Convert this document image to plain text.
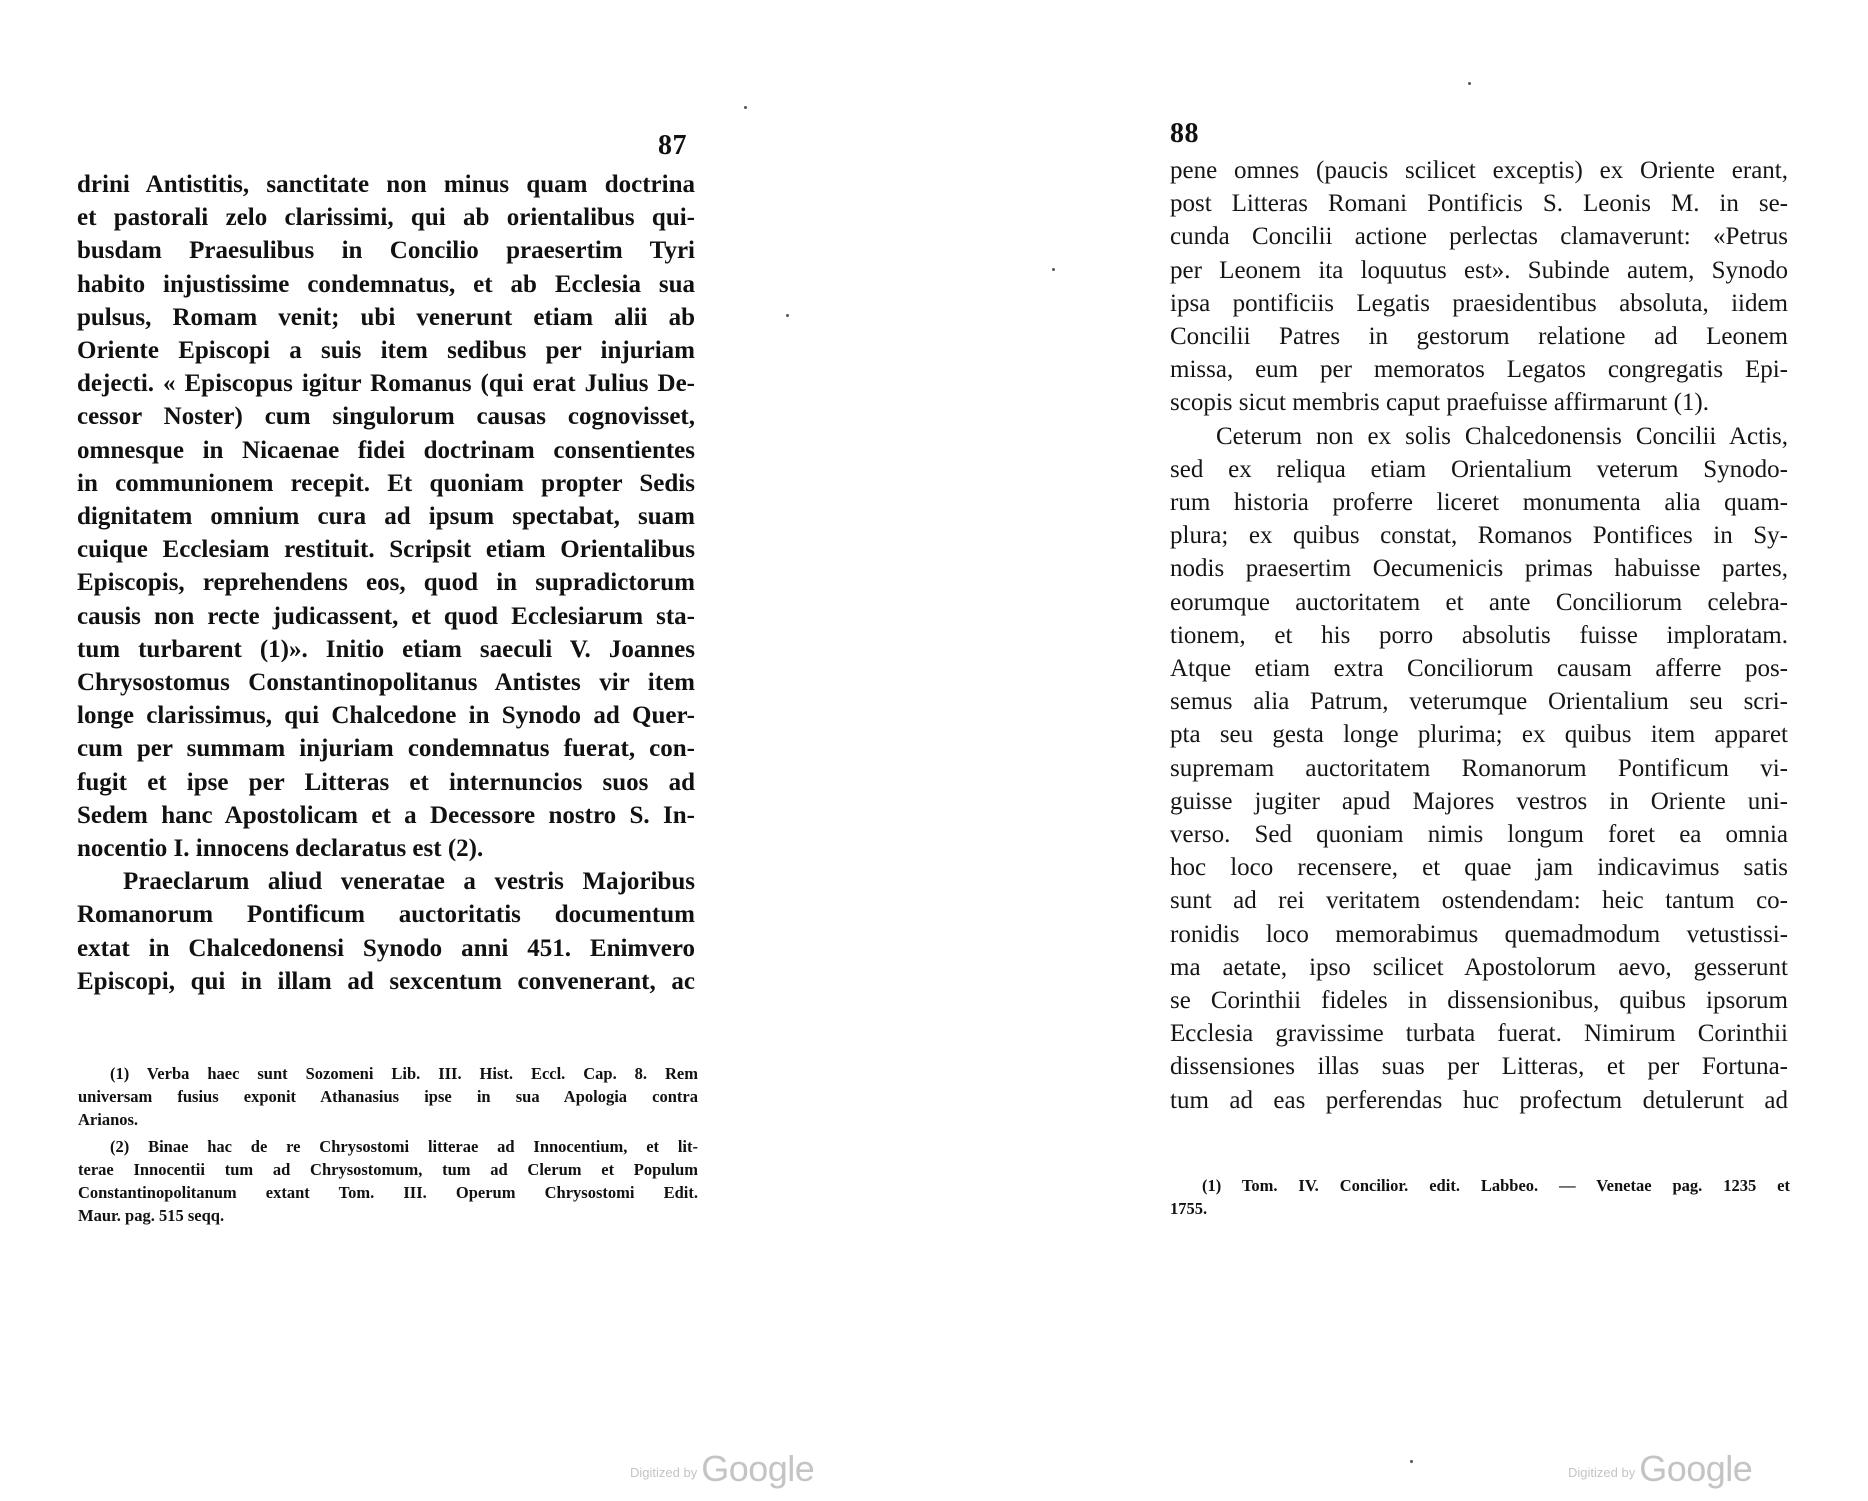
87
drini Antistitis, sanctitate non minus quam doctrina
et pastorali zelo clarissimi, qui ab orientalibus qui-
busdam Praesulibus in Concilio praesertim Tyri
habito injustissime condemnatus, et ab Ecclesia sua
pulsus, Romam venit; ubi venerunt etiam alii ab
Oriente Episcopi a suis item sedibus per injuriam
dejecti. « Episcopus igitur Romanus (qui erat Julius De-
cessor Noster) cum singulorum causas cognovisset,
omnesque in Nicaenae fidei doctrinam consentientes
in communionem recepit. Et quoniam propter Sedis
dignitatem omnium cura ad ipsum spectabat, suam
cuique Ecclesiam restituit. Scripsit etiam Orientalibus
Episcopis, reprehendens eos, quod in supradictorum
causis non recte judicassent, et quod Ecclesiarum sta-
tum turbarent (1)». Initio etiam saeculi V. Joannes
Chrysostomus Constantinopolitanus Antistes vir item
longe clarissimus, qui Chalcedone in Synodo ad Quer-
cum per summam injuriam condemnatus fuerat, con-
fugit et ipse per Litteras et internuncios suos ad
Sedem hanc Apostolicam et a Decessore nostro S. In-
nocentio I. innocens declaratus est (2).
Praeclarum aliud veneratae a vestris Majoribus
Romanorum Pontificum auctoritatis documentum
extat in Chalcedonensi Synodo anni 451. Enimvero
Episcopi, qui in illam ad sexcentum convenerant, ac
(1) Verba haec sunt Sozomeni Lib. III. Hist. Eccl. Cap. 8. Rem
universam fusius exponit Athanasius ipse in sua Apologia contra
Arianos.
(2) Binae hac de re Chrysostomi litterae ad Innocentium, et lit-
terae Innocentii tum ad Chrysostomum, tum ad Clerum et Populum
Constantinopolitanum extant Tom. III. Operum Chrysostomi Edit.
Maur. pag. 515 seqq.
$^{Digitized by}$ Google
88
pene omnes (paucis scilicet exceptis) ex Oriente erant,
post Litteras Romani Pontificis S. Leonis M. in se-
cunda Concilii actione perlectas clamaverunt: «Petrus
per Leonem ita loquutus est». Subinde autem, Synodo
ipsa pontificiis Legatis praesidentibus absoluta, iidem
Concilii Patres in gestorum relatione ad Leonem
missa, eum per memoratos Legatos congregatis Epi-
scopis sicut membris caput praefuisse affirmarunt (1).
Ceterum non ex solis Chalcedonensis Concilii Actis,
sed ex reliqua etiam Orientalium veterum Synodo-
rum historia proferre liceret monumenta alia quam-
plura; ex quibus constat, Romanos Pontifices in Sy-
nodis praesertim Oecumenicis primas habuisse partes,
eorumque auctoritatem et ante Conciliorum celebra-
tionem, et his porro absolutis fuisse imploratam.
Atque etiam extra Conciliorum causam afferre pos-
semus alia Patrum, veterumque Orientalium seu scri-
pta seu gesta longe plurima; ex quibus item apparet
supremam auctoritatem Romanorum Pontificum vi-
guisse jugiter apud Majores vestros in Oriente uni-
verso. Sed quoniam nimis longum foret ea omnia
hoc loco recensere, et quae jam indicavimus satis
sunt ad rei veritatem ostendendam: heic tantum co-
ronidis loco memorabimus quemadmodum vetustissi-
ma aetate, ipso scilicet Apostolorum aevo, gesserunt
se Corinthii fideles in dissensionibus, quibus ipsorum
Ecclesia gravissime turbata fuerat. Nimirum Corinthii
dissensiones illas suas per Litteras, et per Fortuna-
tum ad eas perferendas huc profectum detulerunt ad
(1) Tom. IV. Concilior. edit. Labbeo. — Venetae pag. 1235 et
1755.
$^{Digitized by}$ Google
